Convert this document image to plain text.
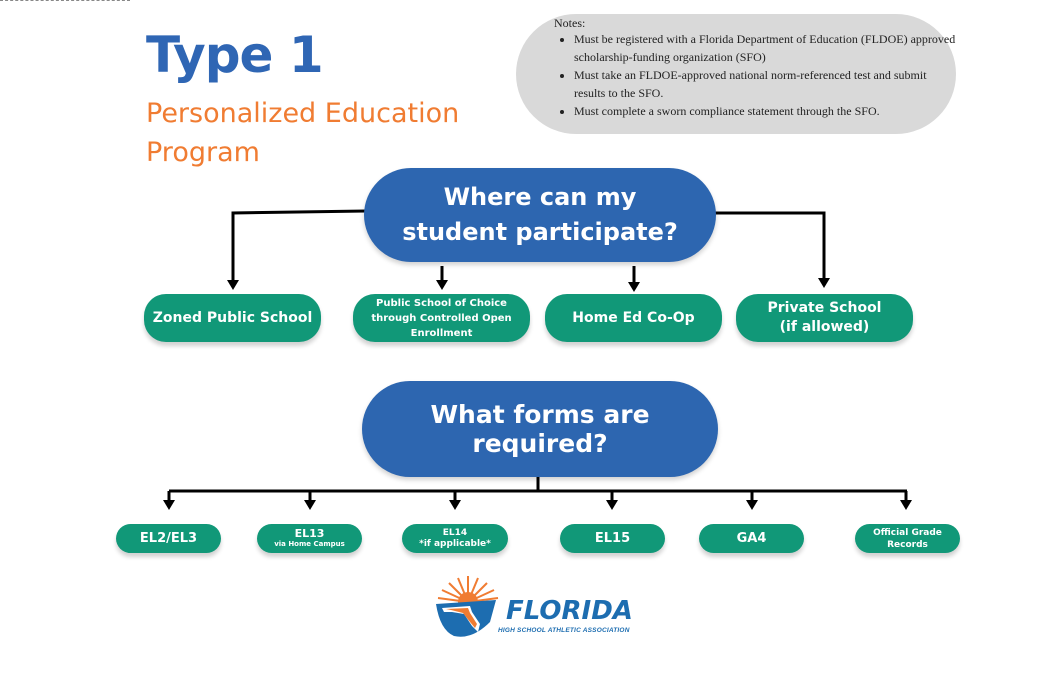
Type 1
Personalized Education Program
Notes:
• Must be registered with a Florida Department of Education (FLDOE) approved scholarship-funding organization (SFO)
• Must take an FLDOE-approved national norm-referenced test and submit results to the SFO.
• Must complete a sworn compliance statement through the SFO.
Where can my student participate?
Zoned Public School
Public School of Choice
through Controlled Open
Enrollment
Home Ed Co-Op
Private School
(if allowed)
What forms are required?
EL2/EL3	EL13
via Home Campus
EL14
*if applicable*	EL15	GA4	Official Grade
Records
FLORIDA
HIGH SCHOOL ATHLETIC ASSOCIATION
